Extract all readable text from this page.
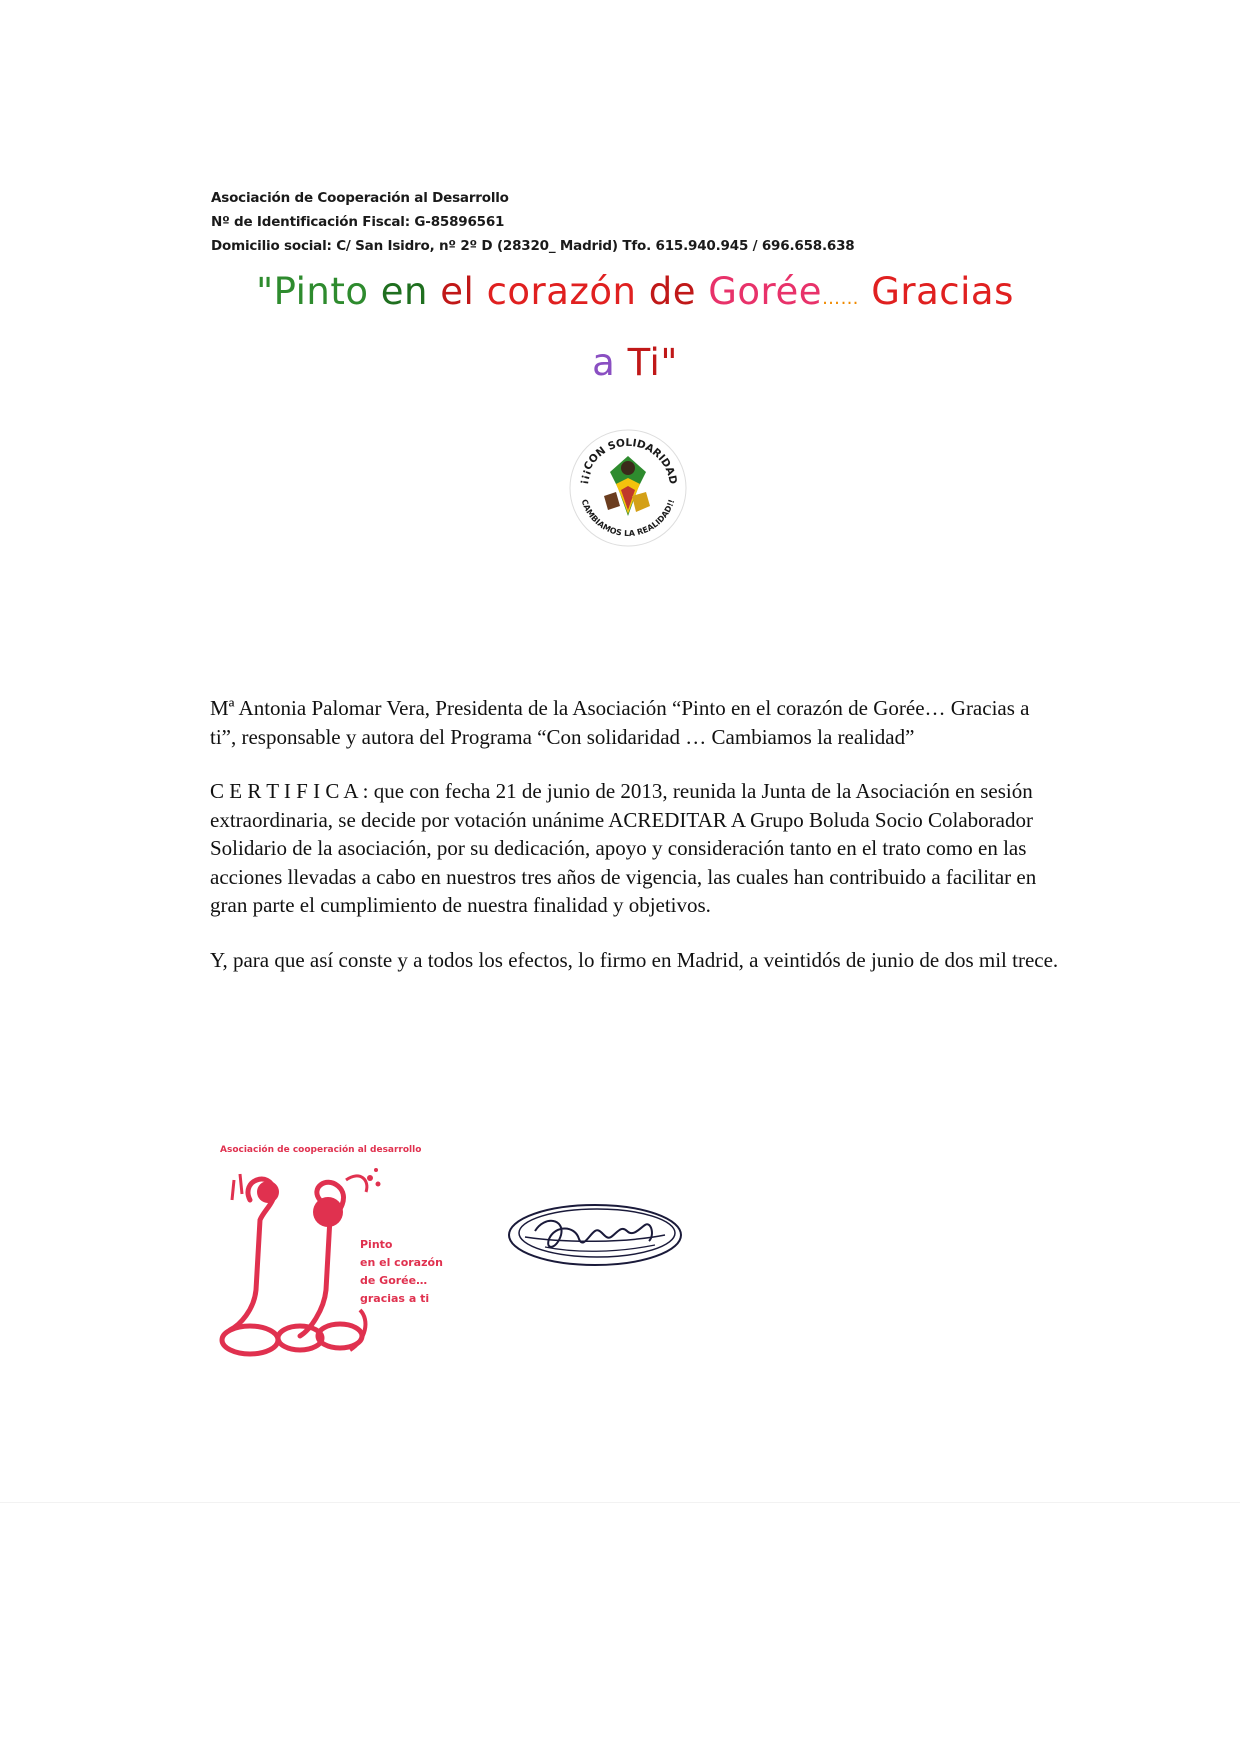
Asociación de Cooperación al Desarrollo
Nº de Identificación Fiscal: G-85896561
Domicilio social: C/ San Isidro, nº 2º D (28320_ Madrid) Tfo. 615.940.945 / 696.658.638
"Pinto en el corazón de Gorée…… Gracias
a Ti"
¡¡¡CON SOLIDARIDAD
CAMBIAMOS LA REALIDAD!!

Mª Antonia Palomar Vera, Presidenta de la Asociación “Pinto en el corazón de Gorée… Gracias a ti”, responsable y autora del Programa “Con solidaridad … Cambiamos la realidad”

C E R T I F I C A : que con fecha 21 de junio de 2013, reunida la Junta de la Asociación en sesión extraordinaria, se decide por votación unánime ACREDITAR A Grupo Boluda Socio Colaborador Solidario de la asociación, por su dedicación, apoyo y consideración tanto en el trato como en las acciones llevadas a cabo en nuestros tres años de vigencia, las cuales han contribuido a facilitar en gran parte el cumplimiento de nuestra finalidad y objetivos.

Y, para que así conste y a todos los efectos, lo firmo en Madrid, a veintidós de junio de dos mil trece.

Asociación de cooperación al desarrollo
Pinto
en el corazón
de Gorée…
gracias a ti
